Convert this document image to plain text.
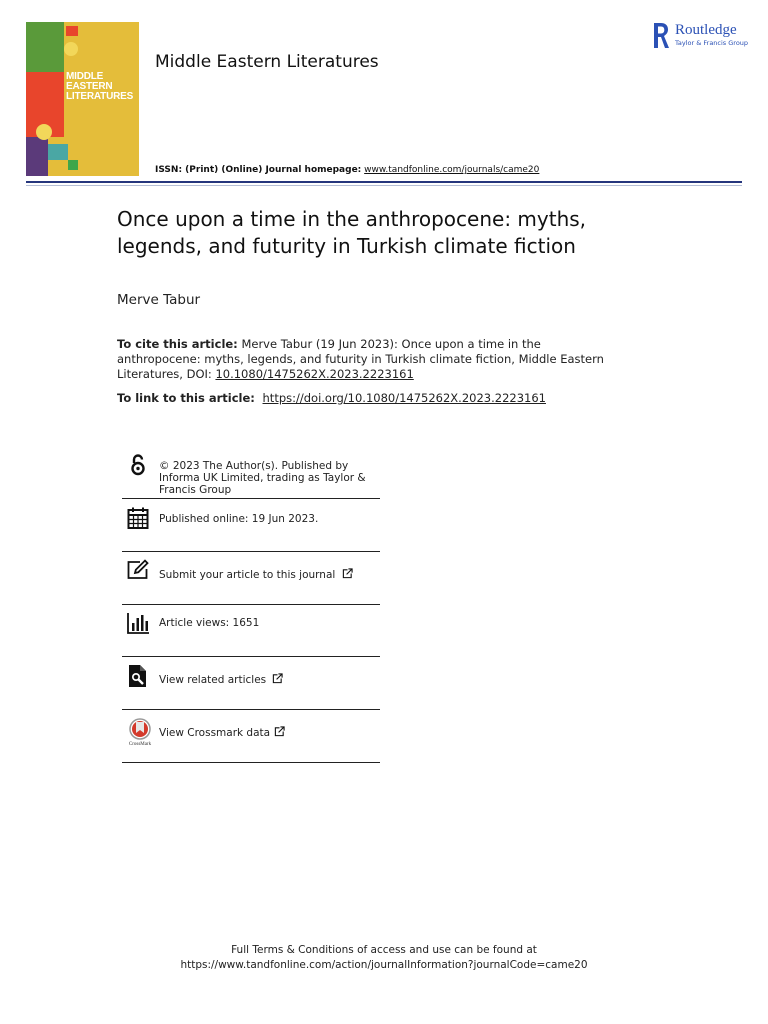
MIDDLE EASTERN LITERATURES
Middle Eastern Literatures
Routledge
Taylor & Francis Group
ISSN: (Print) (Online) Journal homepage: www.tandfonline.com/journals/came20
Once upon a time in the anthropocene: myths, legends, and futurity in Turkish climate fiction
Merve Tabur
To cite this article: Merve Tabur (19 Jun 2023): Once upon a time in the anthropocene: myths, legends, and futurity in Turkish climate fiction, Middle Eastern Literatures, DOI: 10.1080/1475262X.2023.2223161
To link to this article: https://doi.org/10.1080/1475262X.2023.2223161
© 2023 The Author(s). Published by Informa UK Limited, trading as Taylor & Francis Group
Published online: 19 Jun 2023.
Submit your article to this journal
Article views: 1651
View related articles
CrossMark
View Crossmark data
Full Terms & Conditions of access and use can be found at
https://www.tandfonline.com/action/journalInformation?journalCode=came20
